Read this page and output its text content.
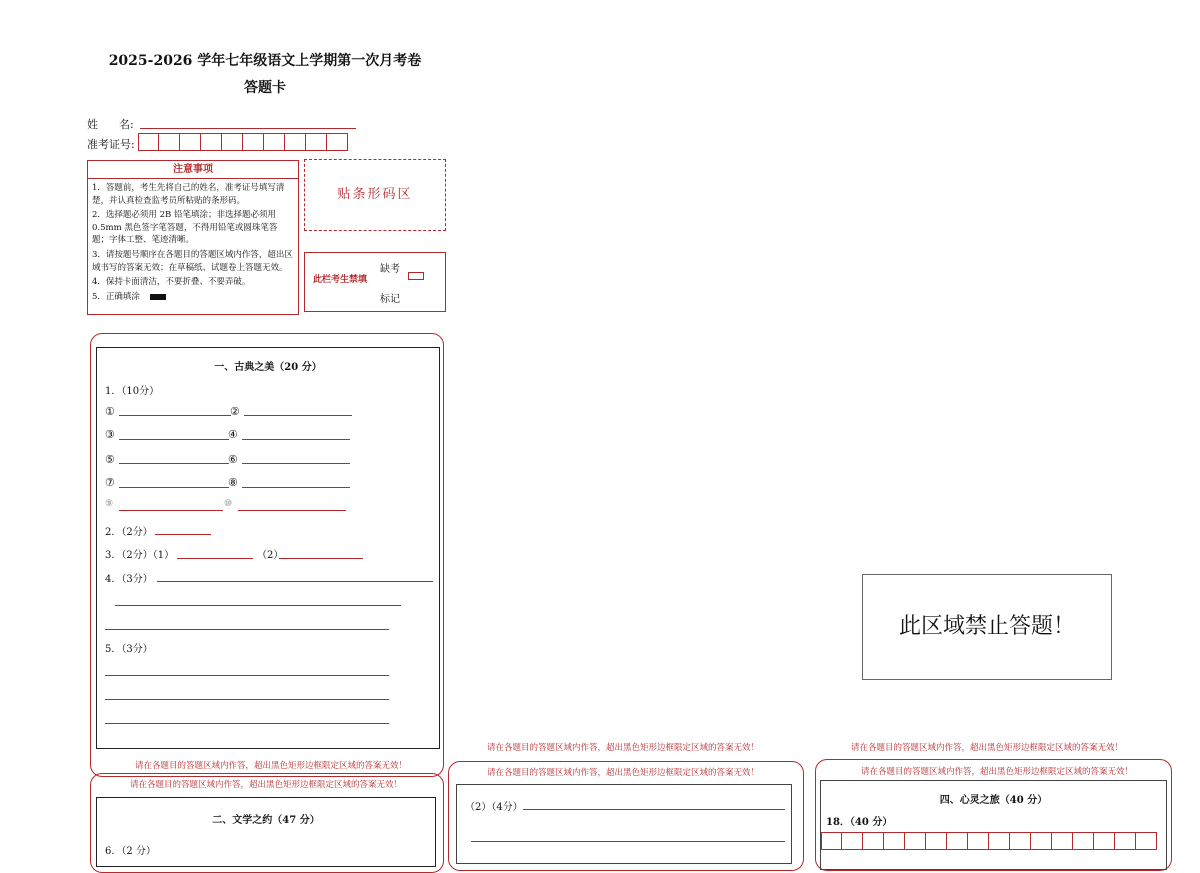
2025-2026 学年七年级语文上学期第一次月考卷
答题卡
姓      名:
准考证号:
注意事项

1．答题前，考生先将自己的姓名，准考证号填写清楚，并认真检查监考员所粘贴的条形码。

2．选择题必须用 2B 铅笔填涂；非选择题必须用 0.5mm 黑色签字笔答题，不得用铅笔或圆珠笔答题；字体工整、笔迹清晰。

3．请按题号顺序在各题目的答题区域内作答，超出区域书写的答案无效；在草稿纸、试题卷上答题无效。

4．保持卡面清洁，不要折叠、不要弄破。

5．正确填涂

贴条形码区
此栏考生禁填
缺考
标记
一、古典之美（20 分）
1．（10分）
①	②
③	④
⑤	⑥
⑦	⑧
⑨	⑩
2．（2分）
3．（2分）（1）	（2）
4．（3分）
5．（3分）
请在各题目的答题区域内作答，超出黑色矩形边框限定区域的答案无效！
请在各题目的答题区域内作答，超出黑色矩形边框限定区域的答案无效！
二、文学之约（47 分）
6．（2 分）
请在各题目的答题区域内作答，超出黑色矩形边框限定区域的答案无效！
请在各题目的答题区域内作答，超出黑色矩形边框限定区域的答案无效！
（2）（4分）
此区域禁止答题！
请在各题目的答题区域内作答，超出黑色矩形边框限定区域的答案无效！
请在各题目的答题区域内作答，超出黑色矩形边框限定区域的答案无效！
四、心灵之旅（40 分）
18．（40 分）
